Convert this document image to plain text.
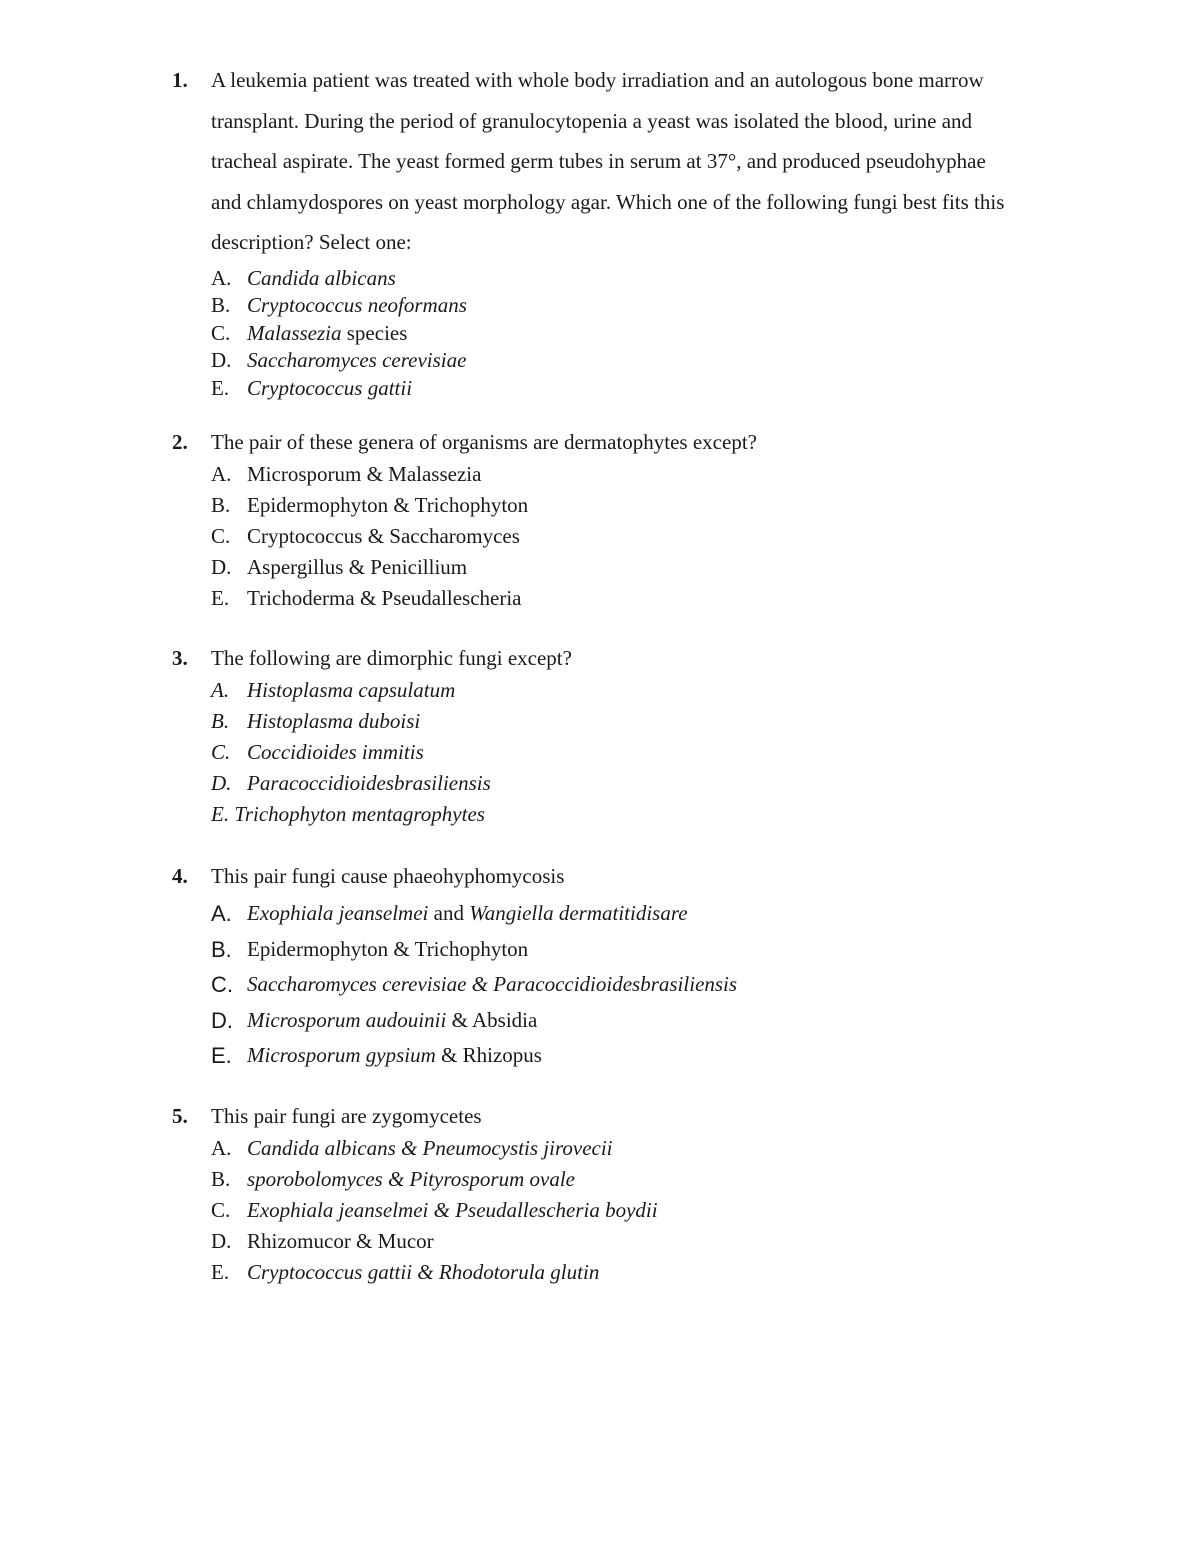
1. A leukemia patient was treated with whole body irradiation and an autologous bone marrow
transplant. During the period of granulocytopenia a yeast was isolated the blood, urine and
tracheal aspirate. The yeast formed germ tubes in serum at 37°, and produced pseudohyphae
and chlamydospores on yeast morphology agar. Which one of the following fungi best fits this
description? Select one:
A. Candida albicans
B. Cryptococcus neoformans
C. Malassezia species
D. Saccharomyces cerevisiae
E. Cryptococcus gattii
2. The pair of these genera of organisms are dermatophytes except?
A. Microsporum & Malassezia
B. Epidermophyton & Trichophyton
C. Cryptococcus & Saccharomyces
D. Aspergillus & Penicillium
E. Trichoderma & Pseudallescheria
3. The following are dimorphic fungi except?
A. Histoplasma capsulatum
B. Histoplasma duboisi
C. Coccidioides immitis
D. Paracoccidioidesbrasiliensis
E. Trichophyton mentagrophytes
4. This pair fungi cause phaeohyphomycosis
A. Exophiala jeanselmei and Wangiella dermatitidisare
B. Epidermophyton & Trichophyton
C. Saccharomyces cerevisiae & Paracoccidioidesbrasiliensis
D. Microsporum audouinii & Absidia
E. Microsporum gypsium & Rhizopus
5. This pair fungi are zygomycetes
A. Candida albicans & Pneumocystis jirovecii
B. sporobolomyces & Pityrosporum ovale
C. Exophiala jeanselmei & Pseudallescheria boydii
D. Rhizomucor & Mucor
E. Cryptococcus gattii & Rhodotorula glutin
